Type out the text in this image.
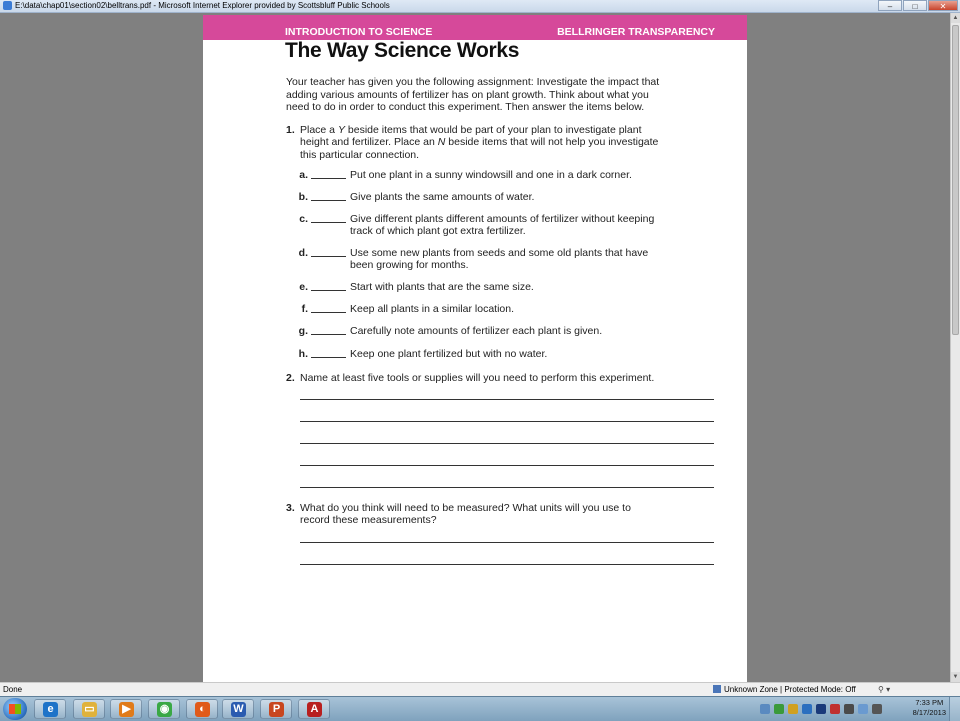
E:\data\chap01\section02\belltrans.pdf - Microsoft Internet Explorer provided by Scottsbluff Public Schools	–	□	✕
INTRODUCTION TO SCIENCE	BELLRINGER TRANSPARENCY
The Way Science Works
Your teacher has given you the following assignment: Investigate the impact that adding various amounts of fertilizer has on plant growth. Think about what you need to do in order to conduct this experiment. Then answer the items below.
1. Place a Y beside items that would be part of your plan to investigate plant height and fertilizer. Place an N beside items that will not help you investigate this particular connection.
a.	Put one plant in a sunny windowsill and one in a dark corner.
b.	Give plants the same amounts of water.
c.	Give different plants different amounts of fertilizer without keeping track of which plant got extra fertilizer.
d.	Use some new plants from seeds and some old plants that have been growing for months.
e.	Start with plants that are the same size.
f.	Keep all plants in a similar location.
g.	Carefully note amounts of fertilizer each plant is given.
h.	Keep one plant fertilized but with no water.
2. Name at least five tools or supplies will you need to perform this experiment.
3. What do you think will need to be measured? What units will you use to record these measurements?
▲
▼
Done	Unknown Zone | Protected Mode: Off	⚲ ▾
e	▭	▶	◉	◐	W	P	A
7:33 PM
8/17/2013
